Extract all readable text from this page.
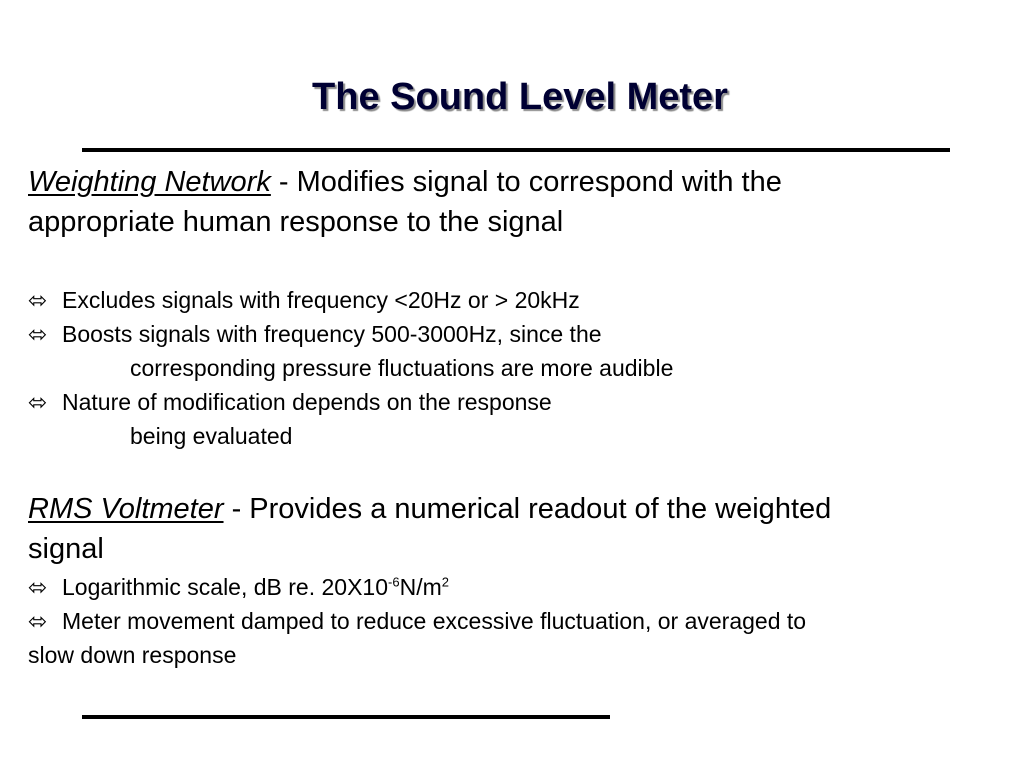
The Sound Level Meter
Weighting Network - Modifies signal to correspond with the
appropriate human response to the signal
⬄ Excludes signals with frequency <20Hz or > 20kHz
⬄ Boosts signals with frequency 500-3000Hz, since the
corresponding pressure fluctuations are more audible
⬄ Nature of modification depends on the response
being evaluated
RMS Voltmeter - Provides a numerical readout of the weighted
signal
⬄ Logarithmic scale, dB re. $20X10^{-6}N/m^2$
⬄ Meter movement damped to reduce excessive fluctuation, or averaged to
slow down response
